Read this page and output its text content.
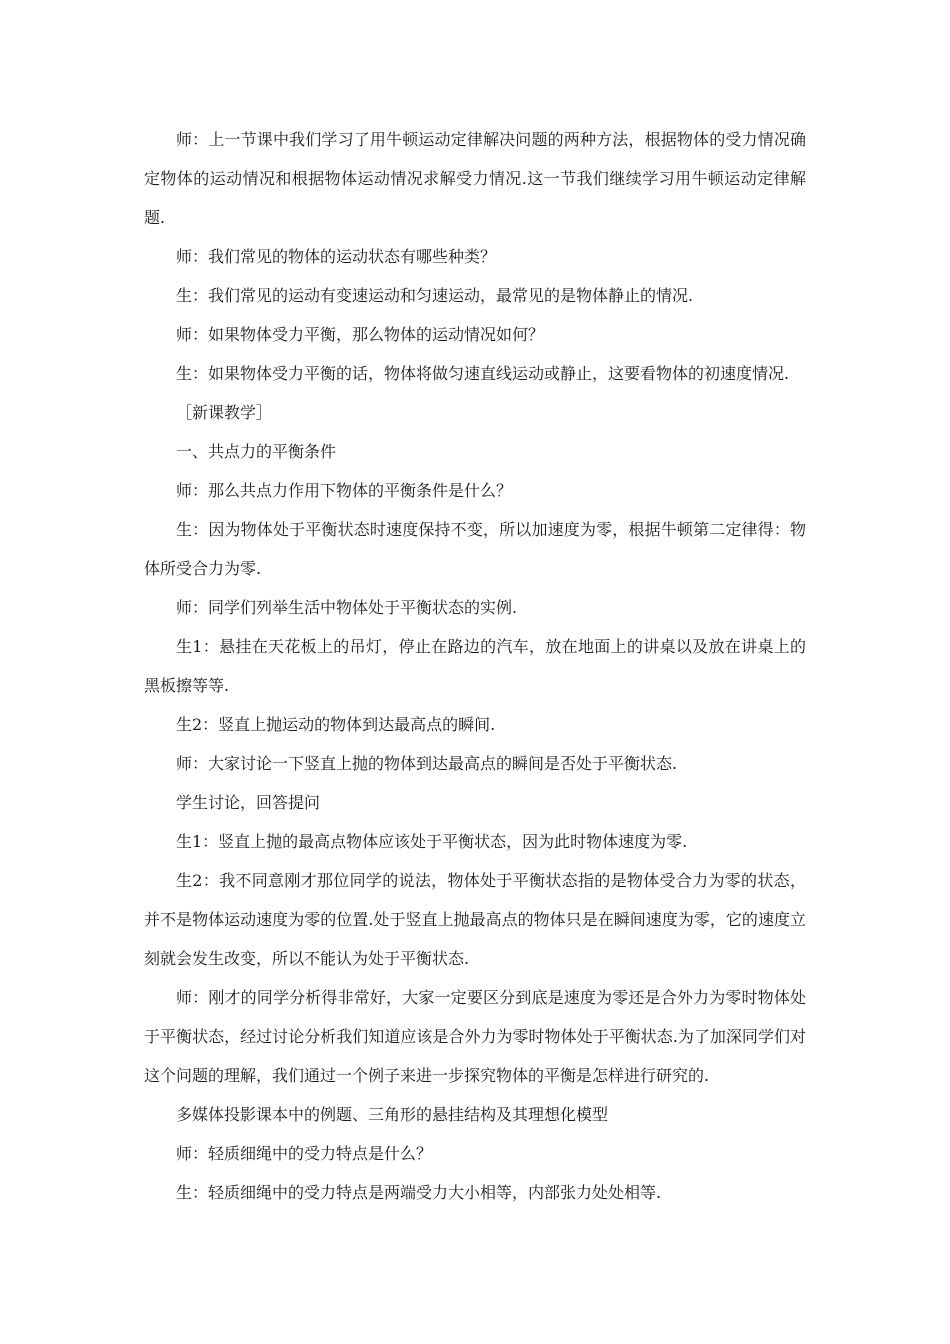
师：上一节课中我们学习了用牛顿运动定律解决问题的两种方法，根据物体的受力情况确定物体的运动情况和根据物体运动情况求解受力情况.这一节我们继续学习用牛顿运动定律解题.

师：我们常见的物体的运动状态有哪些种类？

生：我们常见的运动有变速运动和匀速运动，最常见的是物体静止的情况.

师：如果物体受力平衡，那么物体的运动情况如何？

生：如果物体受力平衡的话，物体将做匀速直线运动或静止，这要看物体的初速度情况.

［新课教学］

一、共点力的平衡条件

师：那么共点力作用下物体的平衡条件是什么？

生：因为物体处于平衡状态时速度保持不变，所以加速度为零，根据牛顿第二定律得：物体所受合力为零.

师：同学们列举生活中物体处于平衡状态的实例.

生1：悬挂在天花板上的吊灯，停止在路边的汽车，放在地面上的讲桌以及放在讲桌上的黑板擦等等.

生2：竖直上抛运动的物体到达最高点的瞬间.

师：大家讨论一下竖直上抛的物体到达最高点的瞬间是否处于平衡状态.

学生讨论，回答提问

生1：竖直上抛的最高点物体应该处于平衡状态，因为此时物体速度为零.

生2：我不同意刚才那位同学的说法，物体处于平衡状态指的是物体受合力为零的状态，并不是物体运动速度为零的位置.处于竖直上抛最高点的物体只是在瞬间速度为零，它的速度立刻就会发生改变，所以不能认为处于平衡状态.

师：刚才的同学分析得非常好，大家一定要区分到底是速度为零还是合外力为零时物体处于平衡状态，经过讨论分析我们知道应该是合外力为零时物体处于平衡状态.为了加深同学们对这个问题的理解，我们通过一个例子来进一步探究物体的平衡是怎样进行研究的.

多媒体投影课本中的例题、三角形的悬挂结构及其理想化模型

师：轻质细绳中的受力特点是什么？

生：轻质细绳中的受力特点是两端受力大小相等，内部张力处处相等.
